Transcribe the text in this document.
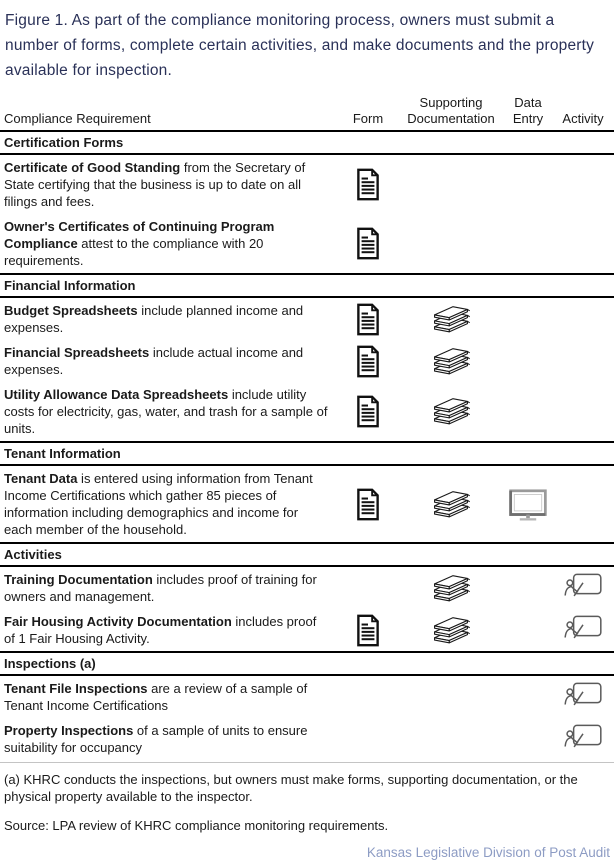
Figure 1. As part of the compliance monitoring process, owners must submit a number of forms, complete certain activities, and make documents and the property available for inspection.

Compliance Requirement	Form
Supporting
Documentation
Data
Entry	Activity
Certification Forms

Certificate of Good Standing from the Secretary of State certifying that the business is up to date on all filings and fees.

Owner's Certificates of Continuing Program Compliance attest to the compliance with 20 requirements.

Financial Information

Budget Spreadsheets include planned income and expenses.

Financial Spreadsheets include actual income and expenses.

Utility Allowance Data Spreadsheets include utility costs for electricity, gas, water, and trash for a sample of units.

Tenant Information

Tenant Data is entered using information from Tenant Income Certifications which gather 85 pieces of information including demographics and income for each member of the household.

Activities

Training Documentation includes proof of training for owners and management.

Fair Housing Activity Documentation includes proof of 1 Fair Housing Activity.

Inspections (a)

Tenant File Inspections are a review of a sample of Tenant Income Certifications

Property Inspections of a sample of units to ensure suitability for occupancy

(a) KHRC conducts the inspections, but owners must make forms, supporting documentation, or the physical property available to the inspector.

Source: LPA review of KHRC compliance monitoring requirements.

Kansas Legislative Division of Post Audit
